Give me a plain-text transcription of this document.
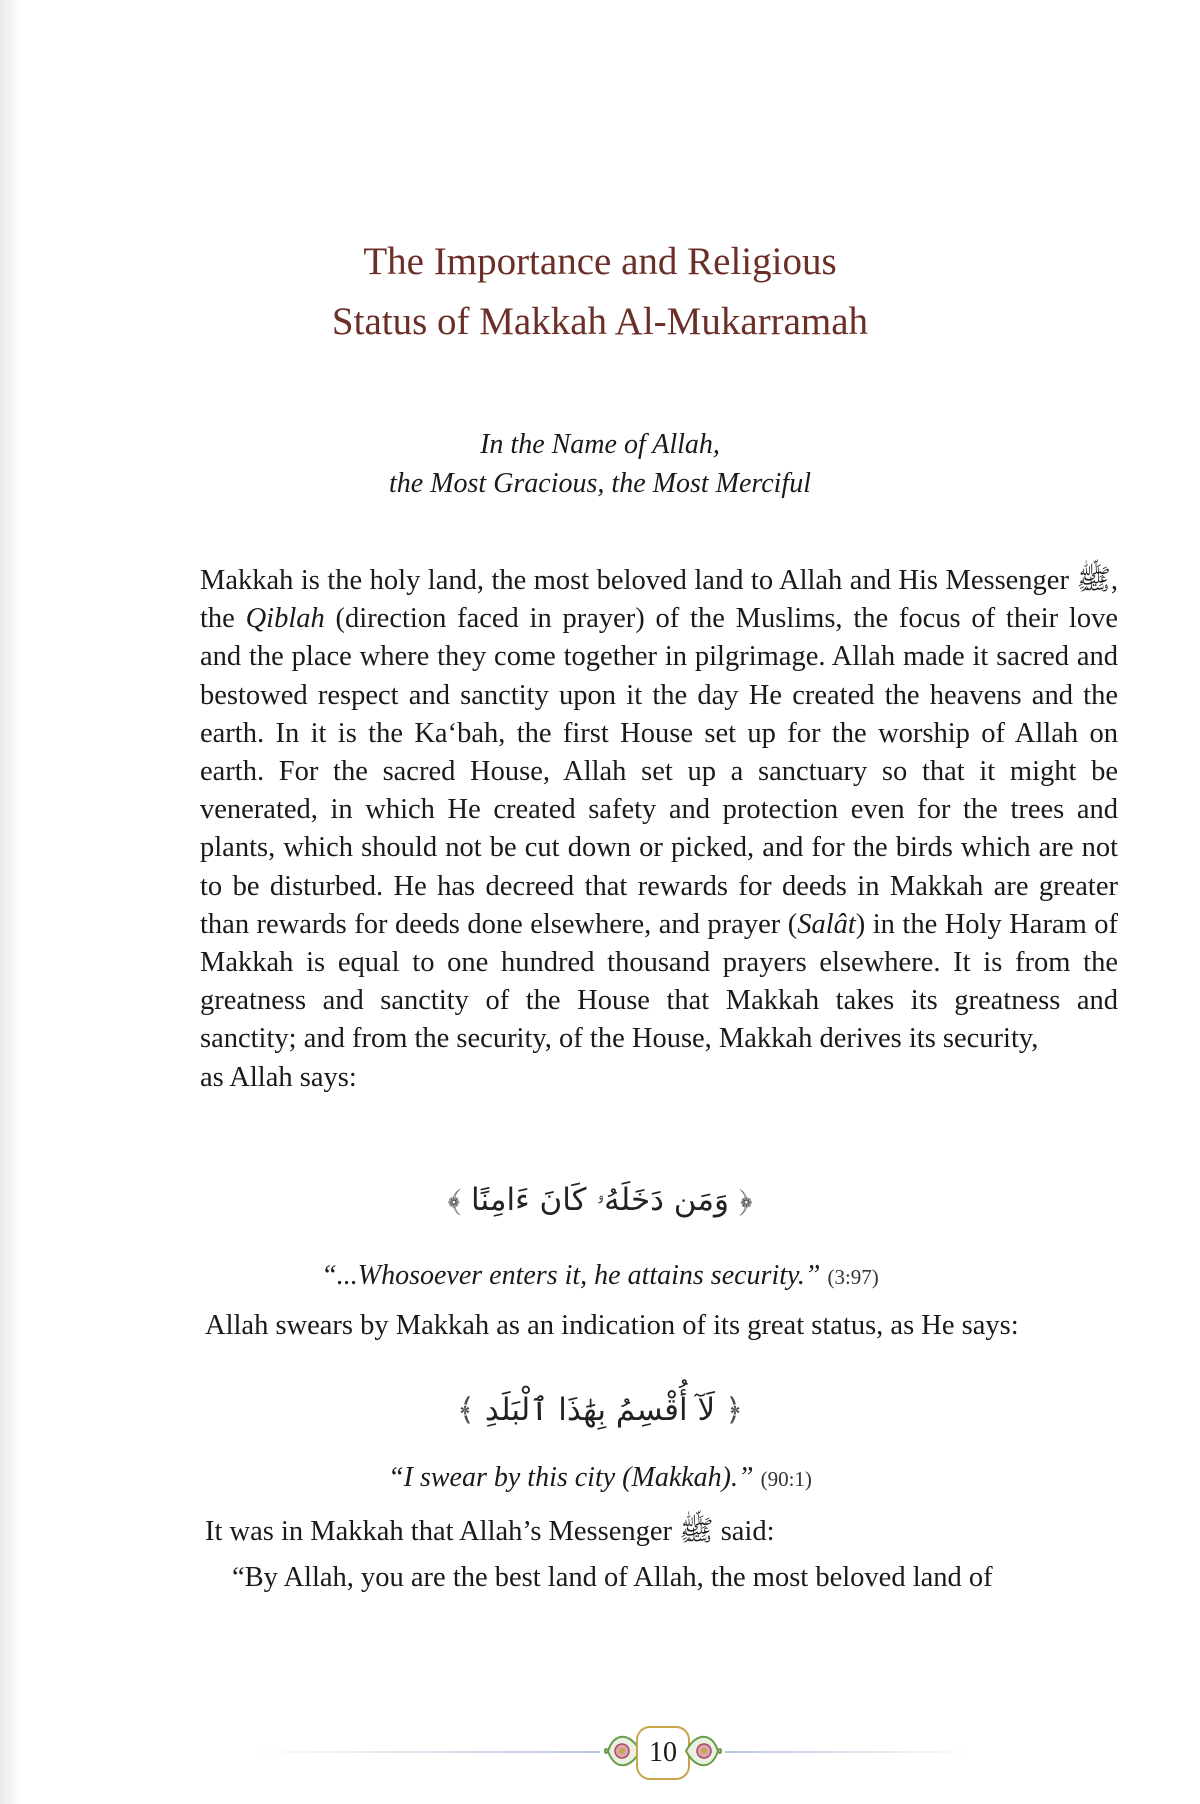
The Importance and Religious
Status of Makkah Al-Mukarramah
In the Name of Allah,
the Most Gracious, the Most Merciful
Makkah is the holy land, the most beloved land to Allah and His Messenger ﷺ, the Qiblah (direction faced in prayer) of the Muslims, the focus of their love and the place where they come together in pilgrimage. Allah made it sacred and bestowed respect and sanctity upon it the day He created the heavens and the earth. In it is the Ka‘bah, the first House set up for the worship of Allah on earth. For the sacred House, Allah set up a sanctuary so that it might be venerated, in which He created safety and protection even for the trees and plants, which should not be cut down or picked, and for the birds which are not to be disturbed. He has decreed that rewards for deeds in Makkah are greater than rewards for deeds done elsewhere, and prayer (Salât) in the Holy Haram of Makkah is equal to one hundred thousand prayers elsewhere. It is from the greatness and sanctity of the House that Makkah takes its greatness and sanctity; and from the security, of the House, Makkah derives its security,
as Allah says:
﴿ وَمَن دَخَلَهُۥ كَانَ ءَامِنًا ﴾
“...Whosoever enters it, he attains security.” (3:97)
Allah swears by Makkah as an indication of its great status, as He says:
﴿ لَآ أُقْسِمُ بِهَٰذَا ٱلْبَلَدِ ﴾
“I swear by this city (Makkah).” (90:1)
It was in Makkah that Allah’s Messenger ﷺ said:
“By Allah, you are the best land of Allah, the most beloved land of
10
